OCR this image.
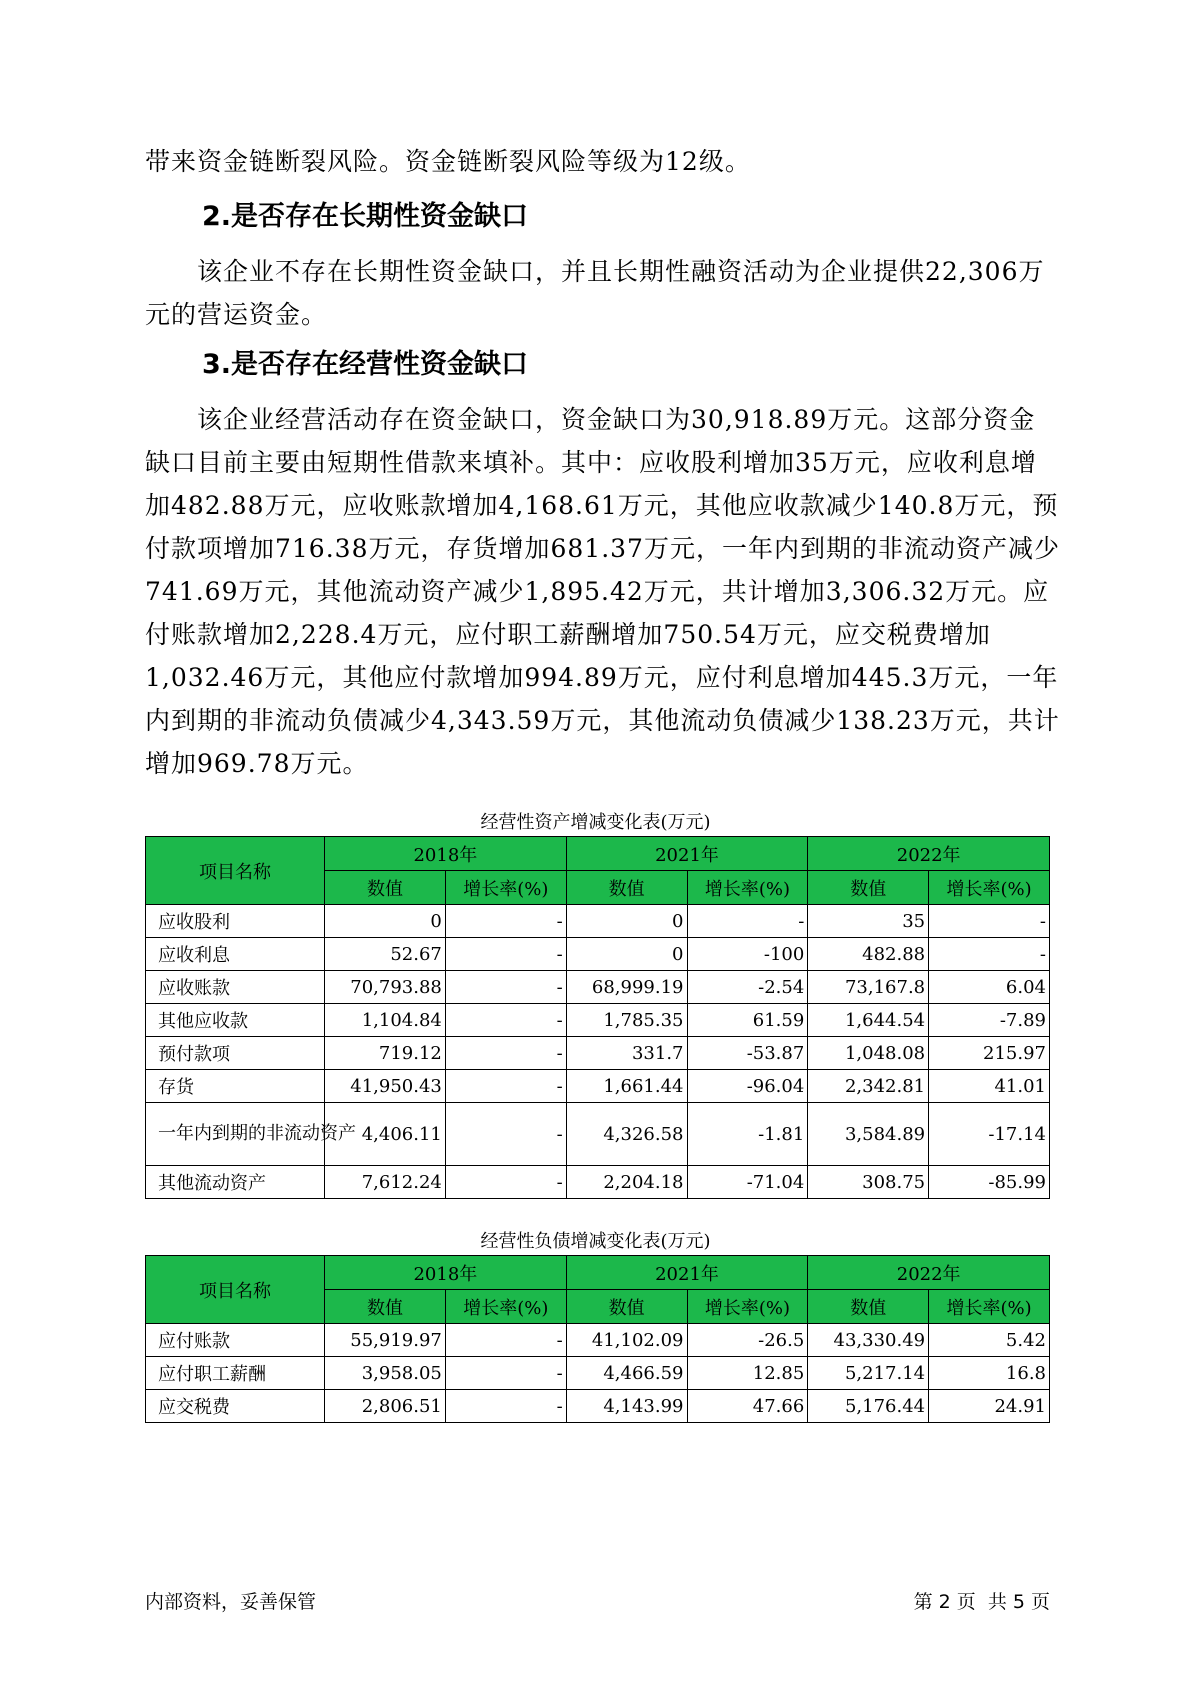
带来资金链断裂风险。资金链断裂风险等级为12级。
2.是否存在长期性资金缺口
　　该企业不存在长期性资金缺口，并且长期性融资活动为企业提供22,306万元的营运资金。
3.是否存在经营性资金缺口
　　该企业经营活动存在资金缺口，资金缺口为30,918.89万元。这部分资金缺口目前主要由短期性借款来填补。其中：应收股利增加35万元，应收利息增加482.88万元，应收账款增加4,168.61万元，其他应收款减少140.8万元，预付款项增加716.38万元，存货增加681.37万元，一年内到期的非流动资产减少741.69万元，其他流动资产减少1,895.42万元，共计增加3,306.32万元。应付账款增加2,228.4万元，应付职工薪酬增加750.54万元，应交税费增加1,032.46万元，其他应付款增加994.89万元，应付利息增加445.3万元，一年内到期的非流动负债减少4,343.59万元，其他流动负债减少138.23万元，共计增加969.78万元。
经营性资产增减变化表(万元)
项目名称	2018年		2021年		2022年	
	数值	增长率(%)	数值	增长率(%)	数值	增长率(%)
应收股利	0	-	0	-	35	-
应收利息	52.67	-	0	-100	482.88	-
应收账款	70,793.88	-	68,999.19	-2.54	73,167.8	6.04
其他应收款	1,104.84	-	1,785.35	61.59	1,644.54	-7.89
预付款项	719.12	-	331.7	-53.87	1,048.08	215.97
存货	41,950.43	-	1,661.44	-96.04	2,342.81	41.01
一年内到期的非流动资产	4,406.11	-	4,326.58	-1.81	3,584.89	-17.14
其他流动资产	7,612.24	-	2,204.18	-71.04	308.75	-85.99
经营性负债增减变化表(万元)
项目名称	2018年		2021年		2022年	
	数值	增长率(%)	数值	增长率(%)	数值	增长率(%)
应付账款	55,919.97	-	41,102.09	-26.5	43,330.49	5.42
应付职工薪酬	3,958.05	-	4,466.59	12.85	5,217.14	16.8
应交税费	2,806.51	-	4,143.99	47.66	5,176.44	24.91
内部资料，妥善保管	第 2 页  共 5 页
